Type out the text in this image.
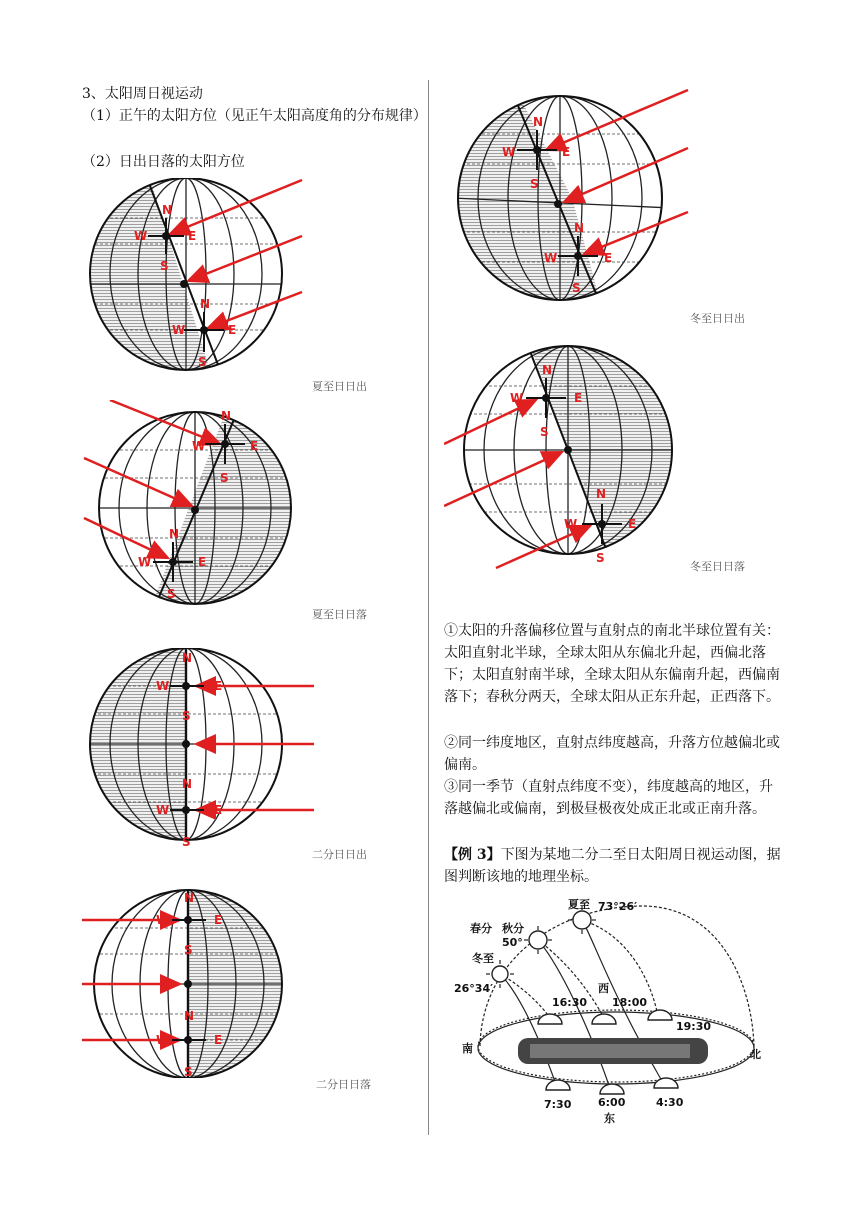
3、太阳周日视运动
（1）正午的太阳方位（见正午太阳高度角的分布规律）
（2）日出日落的太阳方位
N
W	E
S
N
W	E
S
夏至日日出
N
W	E
S
N
W	E
S
夏至日日落
N
W	E
S
N
W	E
S
二分日日出
N
W	E
S
N
W	E
S
二分日日落
N
W	E
S
N
W	E
S
冬至日日出
N
W	E
S
N
W	E
S
冬至日日落
①太阳的升落偏移位置与直射点的南北半球位置有关：太阳直射北半球，全球太阳从东偏北升起，西偏北落下；太阳直射南半球，全球太阳从东偏南升起，西偏南落下；春秋分两天，全球太阳从正东升起，正西落下。
②同一纬度地区，直射点纬度越高，升落方位越偏北或偏南。
③同一季节（直射点纬度不变），纬度越高的地区，升落越偏北或偏南，到极昼极夜处成正北或正南升落。
【例 3】下图为某地二分二至日太阳周日视运动图，据图判断该地的地理坐标。
夏至 73°26′
春分 秋分
50°
冬至
26°34′
16:30
西
18:00
19:30
7:30 6:00	4:30
东
南	北
